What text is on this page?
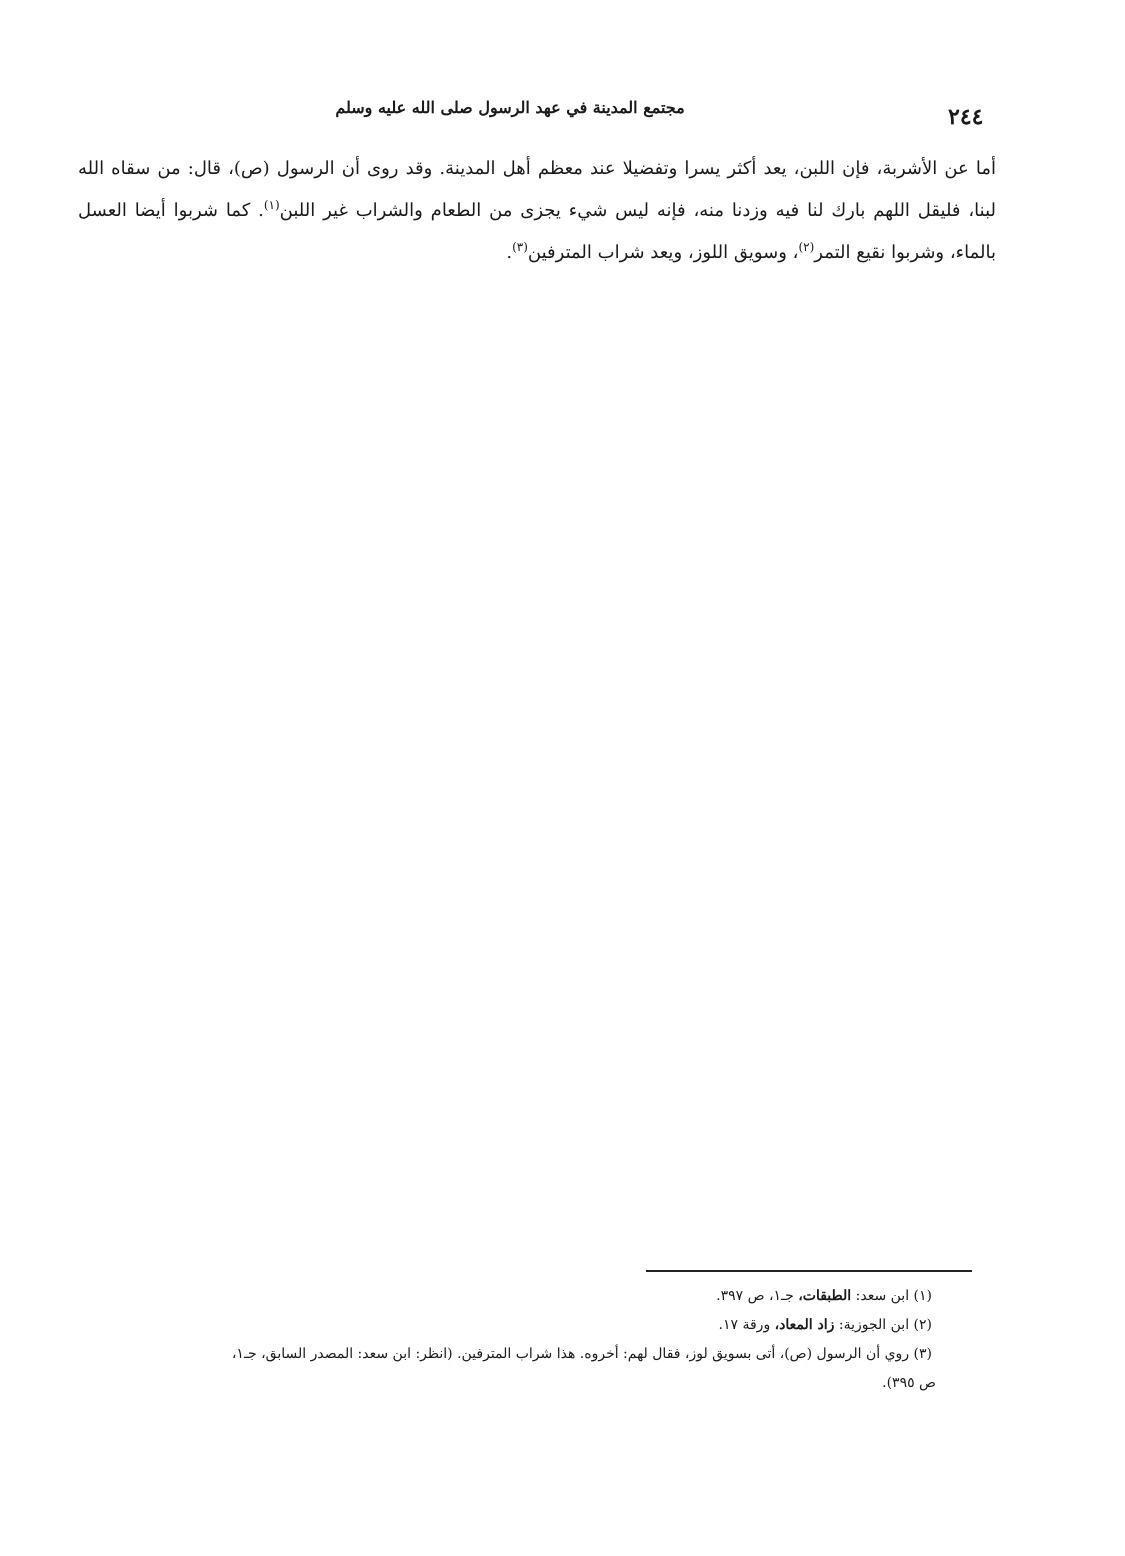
٢٤٤
مجتمع المدينة في عهد الرسول صلى الله عليه وسلم
أما عن الأشربة، فإن اللبن، يعد أكثر يسرا وتفضيلا عند معظم أهل المدينة. وقد روى أن الرسول (ص)، قال: من سقاه الله لبنا، فليقل اللهم بارك لنا فيه وزدنا منه، فإنه ليس شيء يجزى من الطعام والشراب غير اللبن$^{(١)}$. كما شربوا أيضا العسل بالماء، وشربوا نقيع التمر$^{(٢)}$، وسويق اللوز، ويعد شراب المترفين$^{(٣)}$.

(١) ابن سعد: الطبقات، جـ١، ص ٣٩٧.

(٢) ابن الجوزية: زاد المعاد، ورقة ١٧.

(٣) روي أن الرسول (ص)، أتى بسويق لوز، فقال لهم: أخروه. هذا شراب المترفين. (انظر: ابن سعد: المصدر السابق، جـ١،

ص ٣٩٥).
